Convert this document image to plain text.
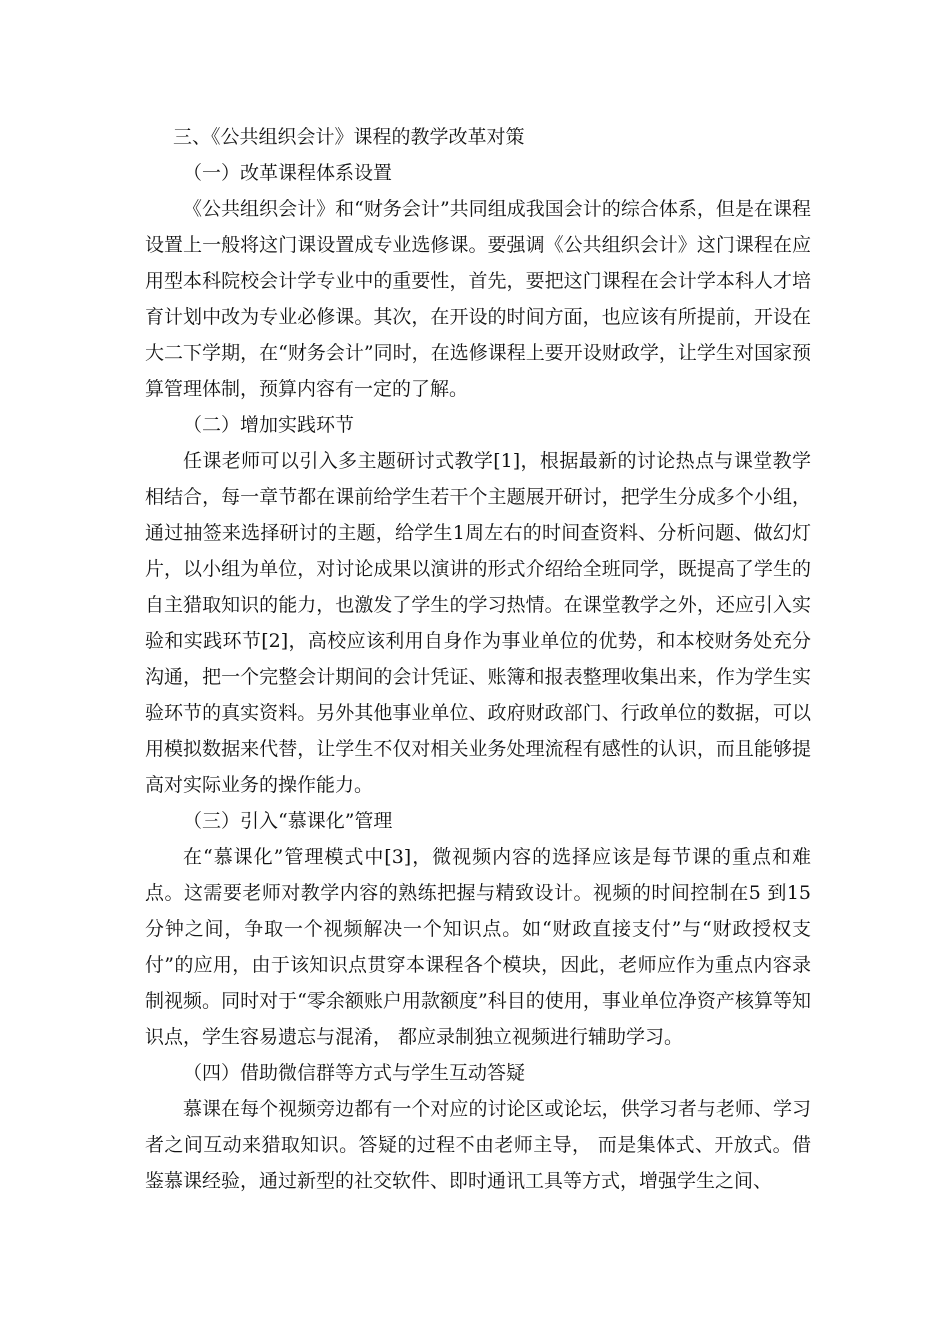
三、《公共组织会计》课程的教学改革对策

（一）改革课程体系设置

《公共组织会计》和“财务会计”共同组成我国会计的综合体系，但是在课程设置上一般将这门课设置成专业选修课。要强调《公共组织会计》这门课程在应用型本科院校会计学专业中的重要性，首先，要把这门课程在会计学本科人才培育计划中改为专业必修课。其次，在开设的时间方面，也应该有所提前，开设在大二下学期，在“财务会计”同时，在选修课程上要开设财政学，让学生对国家预算管理体制，预算内容有一定的了解。

（二）增加实践环节

任课老师可以引入多主题研讨式教学[1]，根据最新的讨论热点与课堂教学相结合，每一章节都在课前给学生若干个主题展开研讨，把学生分成多个小组，通过抽签来选择研讨的主题，给学生1周左右的时间查资料、分析问题、做幻灯片，以小组为单位，对讨论成果以演讲的形式介绍给全班同学，既提高了学生的自主猎取知识的能力，也激发了学生的学习热情。在课堂教学之外，还应引入实验和实践环节[2]，高校应该利用自身作为事业单位的优势，和本校财务处充分沟通，把一个完整会计期间的会计凭证、账簿和报表整理收集出来，作为学生实验环节的真实资料。另外其他事业单位、政府财政部门、行政单位的数据，可以用模拟数据来代替，让学生不仅对相关业务处理流程有感性的认识，而且能够提高对实际业务的操作能力。

（三）引入“慕课化”管理

在“慕课化”管理模式中[3]，微视频内容的选择应该是每节课的重点和难点。这需要老师对教学内容的熟练把握与精致设计。视频的时间控制在5 到15分钟之间，争取一个视频解决一个知识点。如“财政直接支付”与“财政授权支付”的应用，由于该知识点贯穿本课程各个模块，因此，老师应作为重点内容录制视频。同时对于“零余额账户用款额度”科目的使用，事业单位净资产核算等知识点，学生容易遗忘与混淆， 都应录制独立视频进行辅助学习。

（四）借助微信群等方式与学生互动答疑

慕课在每个视频旁边都有一个对应的讨论区或论坛，供学习者与老师、学习者之间互动来猎取知识。答疑的过程不由老师主导， 而是集体式、开放式。借鉴慕课经验，通过新型的社交软件、即时通讯工具等方式，增强学生之间、
